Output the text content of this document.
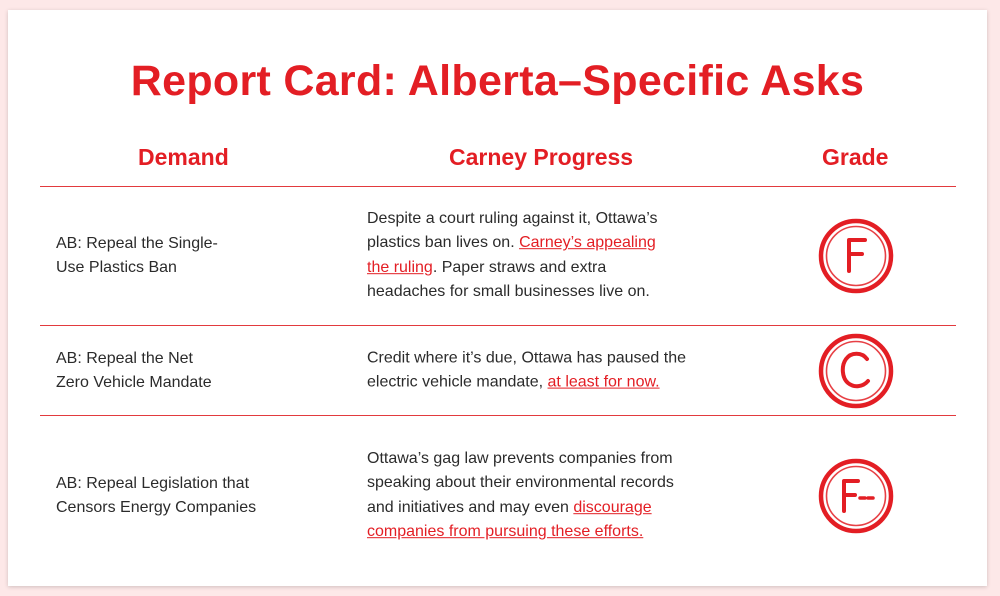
Report Card: Alberta–Specific Asks
Demand	Carney Progress	Grade
AB: Repeal the Single-
Use Plastics Ban
Despite a court ruling against it, Ottawa’s
plastics ban lives on. Carney’s appealing
the ruling. Paper straws and extra
headaches for small businesses live on.
AB: Repeal the Net
Zero Vehicle Mandate
Credit where it’s due, Ottawa has paused the
electric vehicle mandate, at least for now.
AB: Repeal Legislation that
Censors Energy Companies
Ottawa’s gag law prevents companies from
speaking about their environmental records
and initiatives and may even discourage
companies from pursuing these efforts.
